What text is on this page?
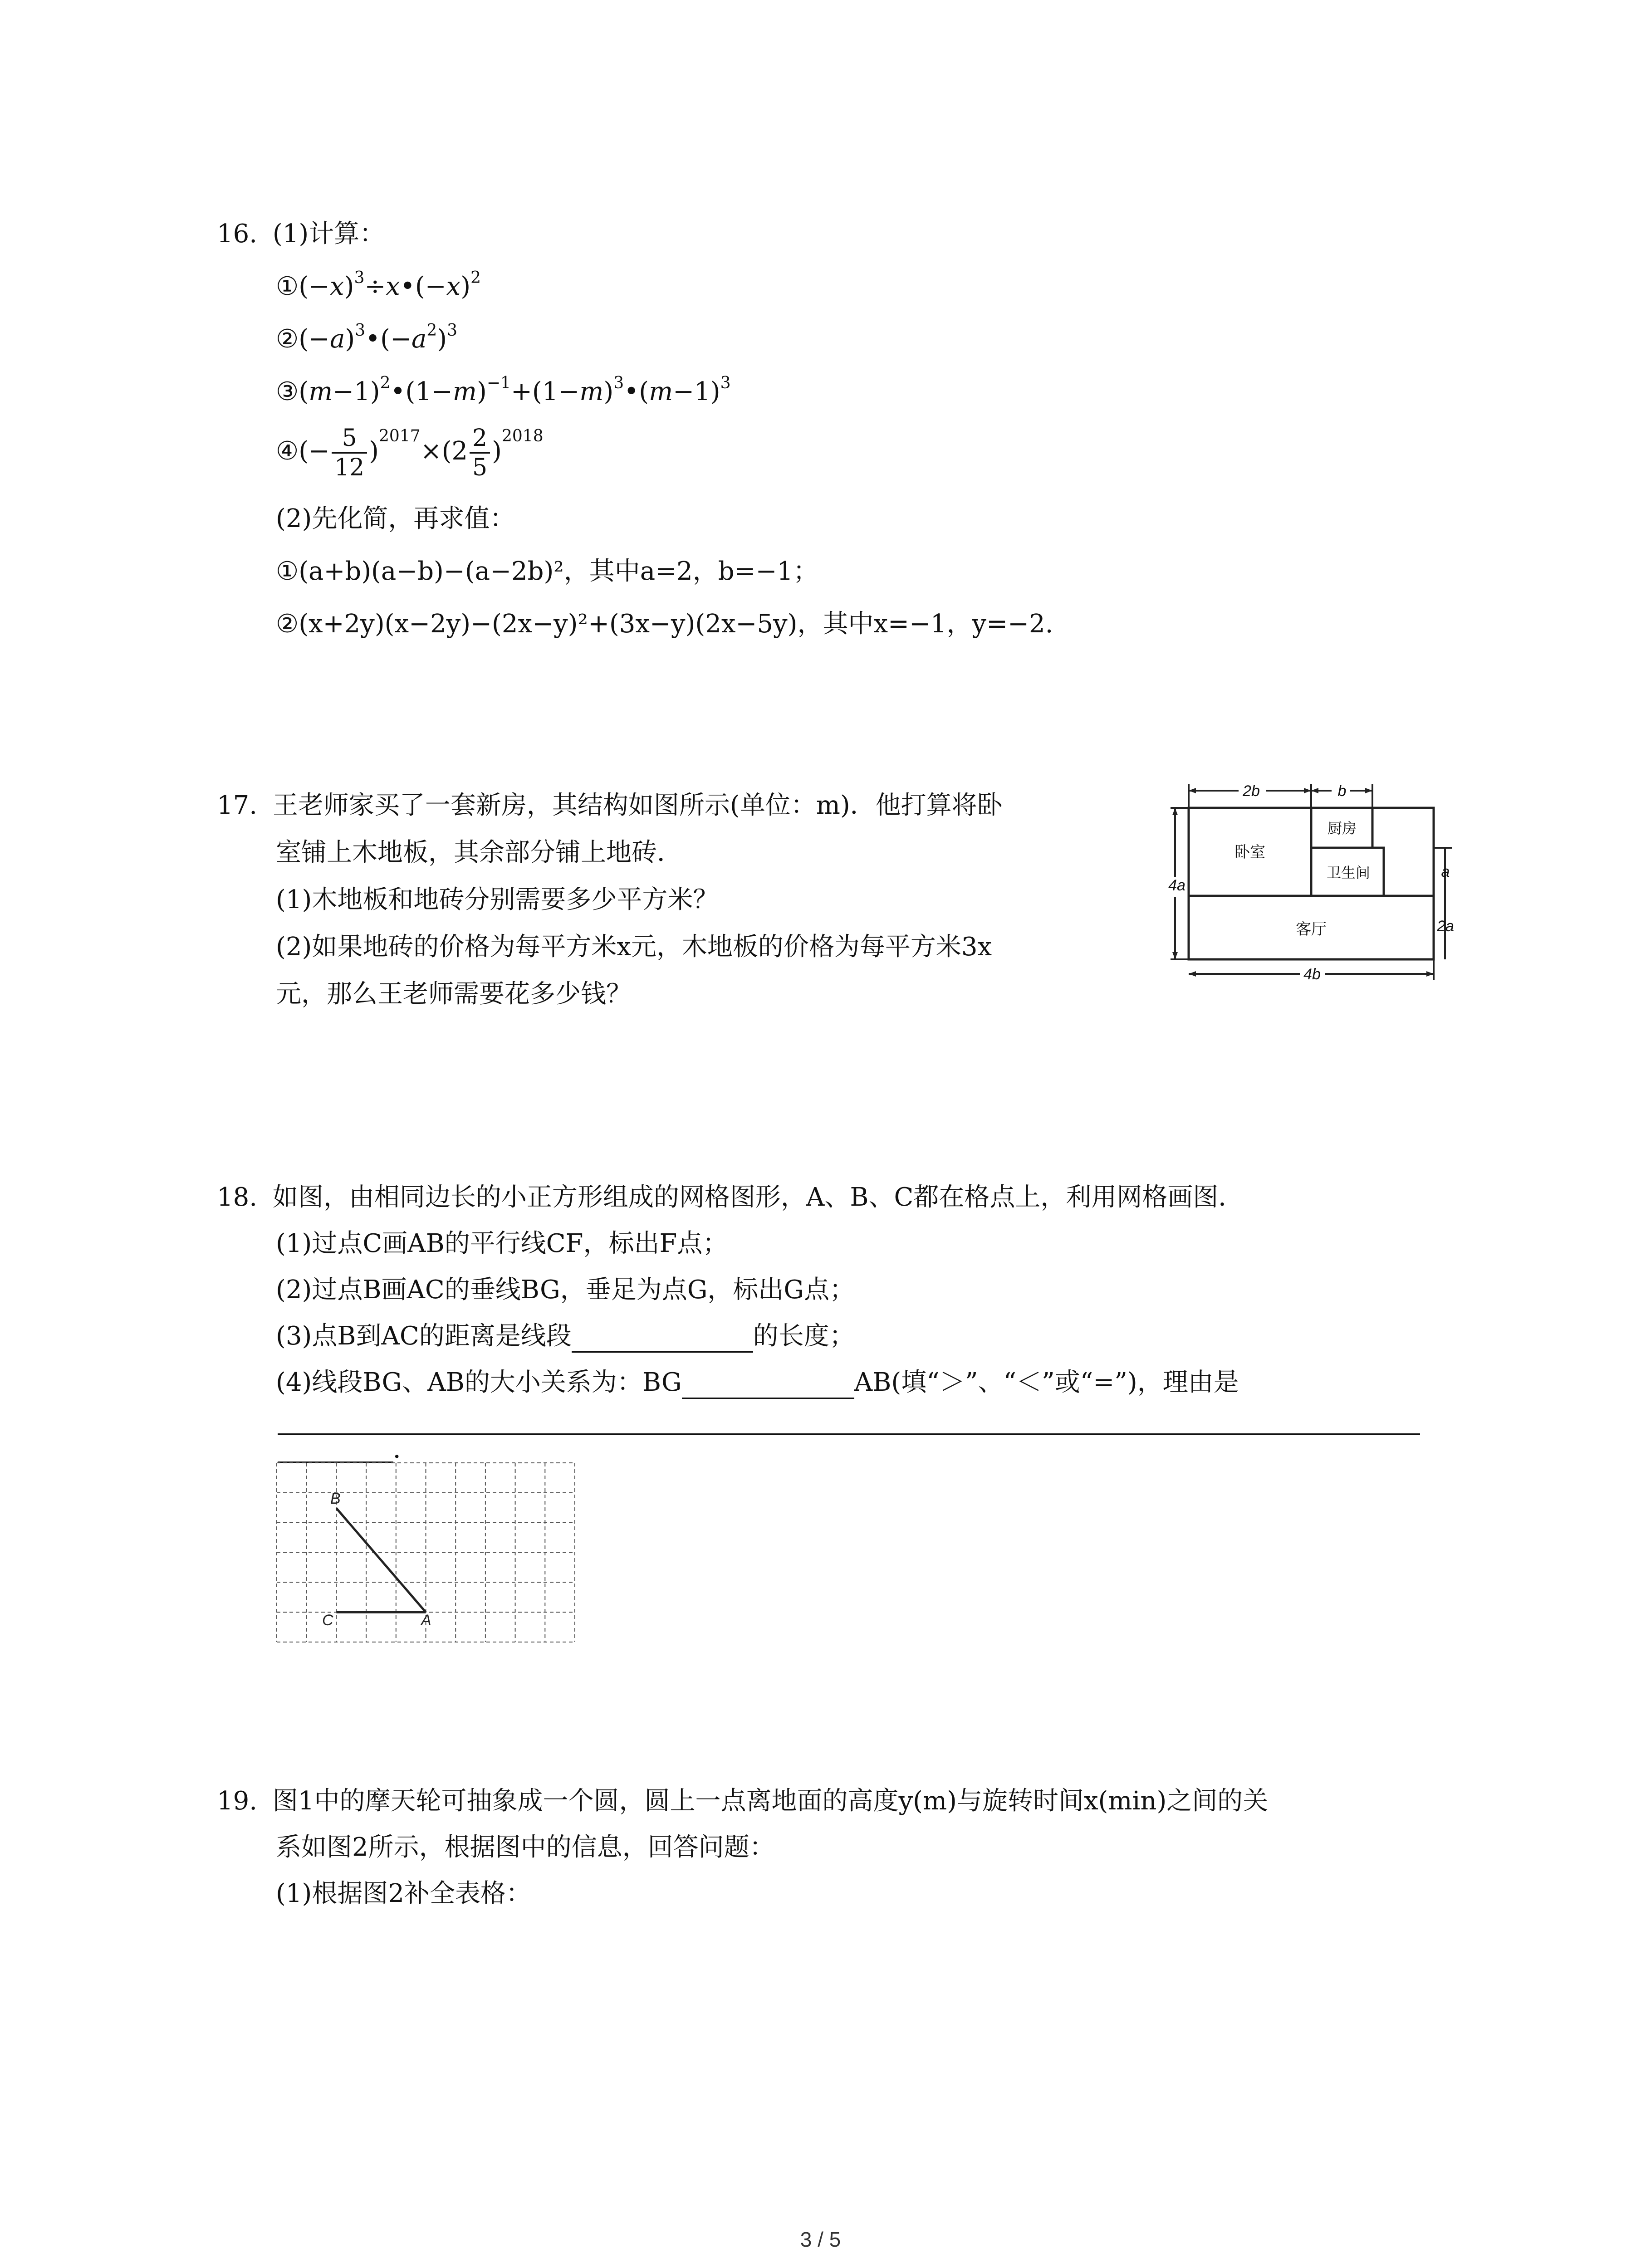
16. (1)计算：
$①(-x)^3\div x•(-x)^2$
$②(-a)^3•(-a^2)^3$
$③(m-1)^2•(1-m)^{-1}+(1-m)^3•(m-1)^3$
④(− $\frac{5}{12} )^{2017}\times(2 \frac{2}{5} )^{2018}$
(2)先化简，再求值：
①(a+b)(a−b)−(a−2b)²，其中a=2，b=−1；
②(x+2y)(x−2y)−(2x−y)²+(3x−y)(2x−5y)，其中x=−1，y=−2.
17. 王老师家买了一套新房，其结构如图所示(单位：m)．他打算将卧
室铺上木地板，其余部分铺上地砖．
(1)木地板和地砖分别需要多少平方米？
(2)如果地砖的价格为每平方米x元，木地板的价格为每平方米3x
元，那么王老师需要花多少钱？
2b	b
4a
a
2a
4b
卧室
厨房
卫生间
客厅
18. 如图，由相同边长的小正方形组成的网格图形，A、B、C都在格点上，利用网格画图．
(1)过点C画AB的平行线CF，标出F点；
(2)过点B画AC的垂线BG，垂足为点G，标出G点；
(3)点B到AC的距离是线段	的长度；
(4)线段BG、AB的大小关系为：BG	AB(填“＞”、“＜”或“=”)，理由是
．
B
C	A
19. 图1中的摩天轮可抽象成一个圆，圆上一点离地面的高度y(m)与旋转时间x(min)之间的关
系如图2所示，根据图中的信息，回答问题：
(1)根据图2补全表格：
3 / 5
